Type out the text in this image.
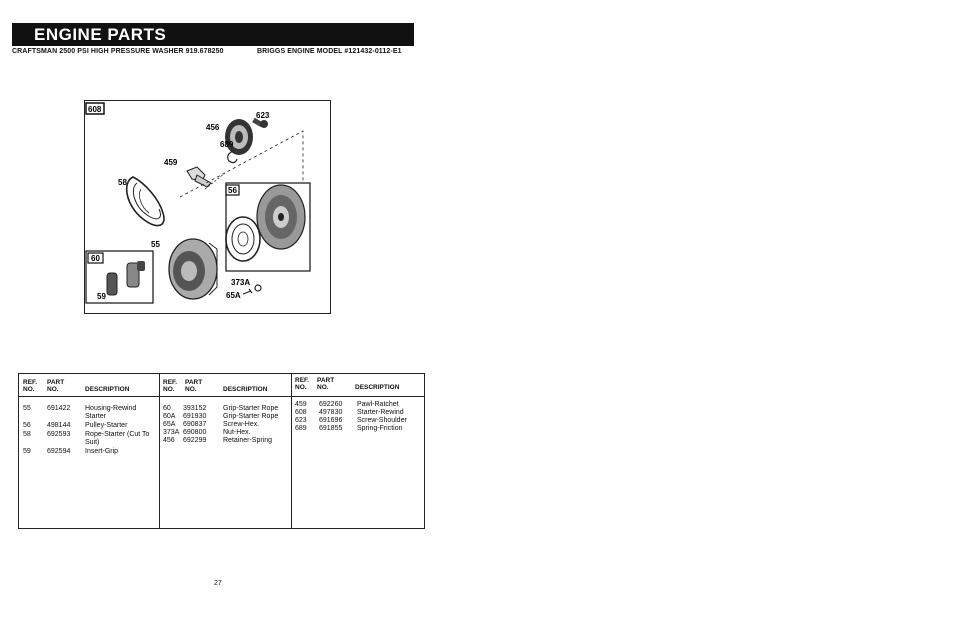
ENGINE PARTS
CRAFTSMAN 2500 PSI HIGH PRESSURE WASHER 919.678250	BRIGGS ENGINE MODEL #121432-0112-E1
608
56
60
623
456
689
459
58
55
373A
65A
59
REF.
NO.
PART
NO.	DESCRIPTION
REF.
NO.
PART
NO.	DESCRIPTION
REF.
NO.
PART
NO.	DESCRIPTION
55 691422 Housing-Rewind
Starter
56 498144 Pulley-Starter
58 692593 Rope-Starter (Cut To
Suit)
59 692594 Insert-Grip
60 393152 Grip-Starter Rope
60A 691930 Grip-Starter Rope
65A 690837 Screw-Hex.
373A 690800 Nut-Hex.
456 692299 Retainer-Spring
459 692260 Pawl-Ratchet
608 497830 Starter-Rewind
623 691696 Screw-Shoulder
689 691855 Spring-Friction
27
